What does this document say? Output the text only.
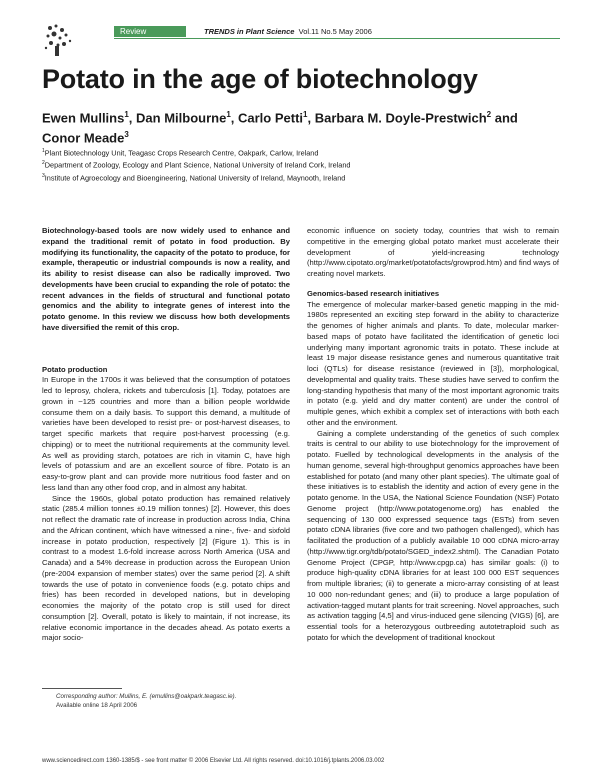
Review	TRENDS in Plant Science Vol.11 No.5 May 2006
Potato in the age of biotechnology
Ewen Mullins$^1$, Dan Milbourne$^1$, Carlo Petti$^1$, Barbara M. Doyle-Prestwich$^2$ and Conor Meade$^3$
$^1$Plant Biotechnology Unit, Teagasc Crops Research Centre, Oakpark, Carlow, Ireland
$^2$Department of Zoology, Ecology and Plant Science, National University of Ireland Cork, Ireland
$^3$Institute of Agroecology and Bioengineering, National University of Ireland, Maynooth, Ireland
Biotechnology-based tools are now widely used to enhance and expand the traditional remit of potato in food production. By modifying its functionality, the capacity of the potato to produce, for example, therapeutic or industrial compounds is now a reality, and its ability to resist disease can also be radically improved. Two developments have been crucial to expanding the role of potato: the recent advances in the fields of structural and functional potato genomics and the ability to integrate genes of interest into the potato genome. In this review we discuss how both developments have diversified the remit of this crop.
Potato production
In Europe in the 1700s it was believed that the consumption of potatoes led to leprosy, cholera, rickets and tuberculosis [1]. Today, potatoes are grown in ~125 countries and more than a billion people worldwide consume them on a daily basis. To support this demand, a multitude of varieties have been developed to resist pre- or post-harvest diseases, to target specific markets that require post-harvest processing (e.g. chipping) or to meet the nutritional requirements at the community level. As well as providing starch, potatoes are rich in vitamin C, have high levels of potassium and are an excellent source of fibre. Potato is an easy-to-grow plant and can provide more nutritious food faster and on less land than any other food crop, and in almost any habitat.
Since the 1960s, global potato production has remained relatively static (285.4 million tonnes ±0.19 million tonnes) [2]. However, this does not reflect the dramatic rate of increase in production across India, China and the African continent, which have witnessed a nine-, five- and sixfold increase in potato production, respectively [2] (Figure 1). This is in contrast to a modest 1.6-fold increase across North America (USA and Canada) and a 54% decrease in production across the European Union (pre-2004 expansion of member states) over the same period [2]. A shift towards the use of potato in convenience foods (e.g. potato chips and fries) has been recorded in developed nations, but in developing economies the majority of the potato crop is still used for direct consumption [2]. Overall, potato is likely to maintain, if not increase, its relative economic importance in the decades ahead. As potato exerts a major socio-
economic influence on society today, countries that wish to remain competitive in the emerging global potato market must accelerate their development of yield-increasing technology (http://www.cipotato.org/market/potatofacts/growprod.htm) and find ways of creating novel markets.
Genomics-based research initiatives
The emergence of molecular marker-based genetic mapping in the mid-1980s represented an exciting step forward in the ability to characterize the genomes of higher animals and plants. To date, molecular marker-based maps of potato have facilitated the identification of genetic loci underlying many important agronomic traits in potato. These include at least 19 major disease resistance genes and numerous quantitative trait loci (QTLs) for disease resistance (reviewed in [3]), morphological, developmental and quality traits. These studies have served to confirm the long-standing hypothesis that many of the most important agronomic traits in potato (e.g. yield and dry matter content) are under the control of multiple genes, which exhibit a complex set of interactions with both each other and the environment.
Gaining a complete understanding of the genetics of such complex traits is central to our ability to use biotechnology for the improvement of potato. Fuelled by technological developments in the analysis of the human genome, several high-throughput genomics approaches have been established for potato (and many other plant species). The ultimate goal of these initiatives is to establish the identity and action of every gene in the potato genome. In the USA, the National Science Foundation (NSF) Potato Genome project (http://www.potatogenome.org) has enabled the sequencing of 130 000 expressed sequence tags (ESTs) from seven potato cDNA libraries (five core and two pathogen challenged), which has facilitated the production of a publicly available 10 000 cDNA micro-array (http://www.tigr.org/tdb/potato/SGED_index2.shtml). The Canadian Potato Genome Project (CPGP, http://www.cpgp.ca) has similar goals: (i) to produce high-quality cDNA libraries for at least 100 000 EST sequences from multiple libraries; (ii) to generate a micro-array consisting of at least 10 000 non-redundant genes; and (iii) to produce a large population of activation-tagged mutant plants for trait screening. Novel approaches, such as activation tagging [4,5] and virus-induced gene silencing (VIGS) [6], are essential tools for a heterozygous outbreeding autotetraploid such as potato for which the development of traditional knockout
Corresponding author: Mullins, E. (emullins@oakpark.teagasc.ie).
Available online 18 April 2006
www.sciencedirect.com 1360-1385/$ - see front matter © 2006 Elsevier Ltd. All rights reserved. doi:10.1016/j.tplants.2006.03.002
